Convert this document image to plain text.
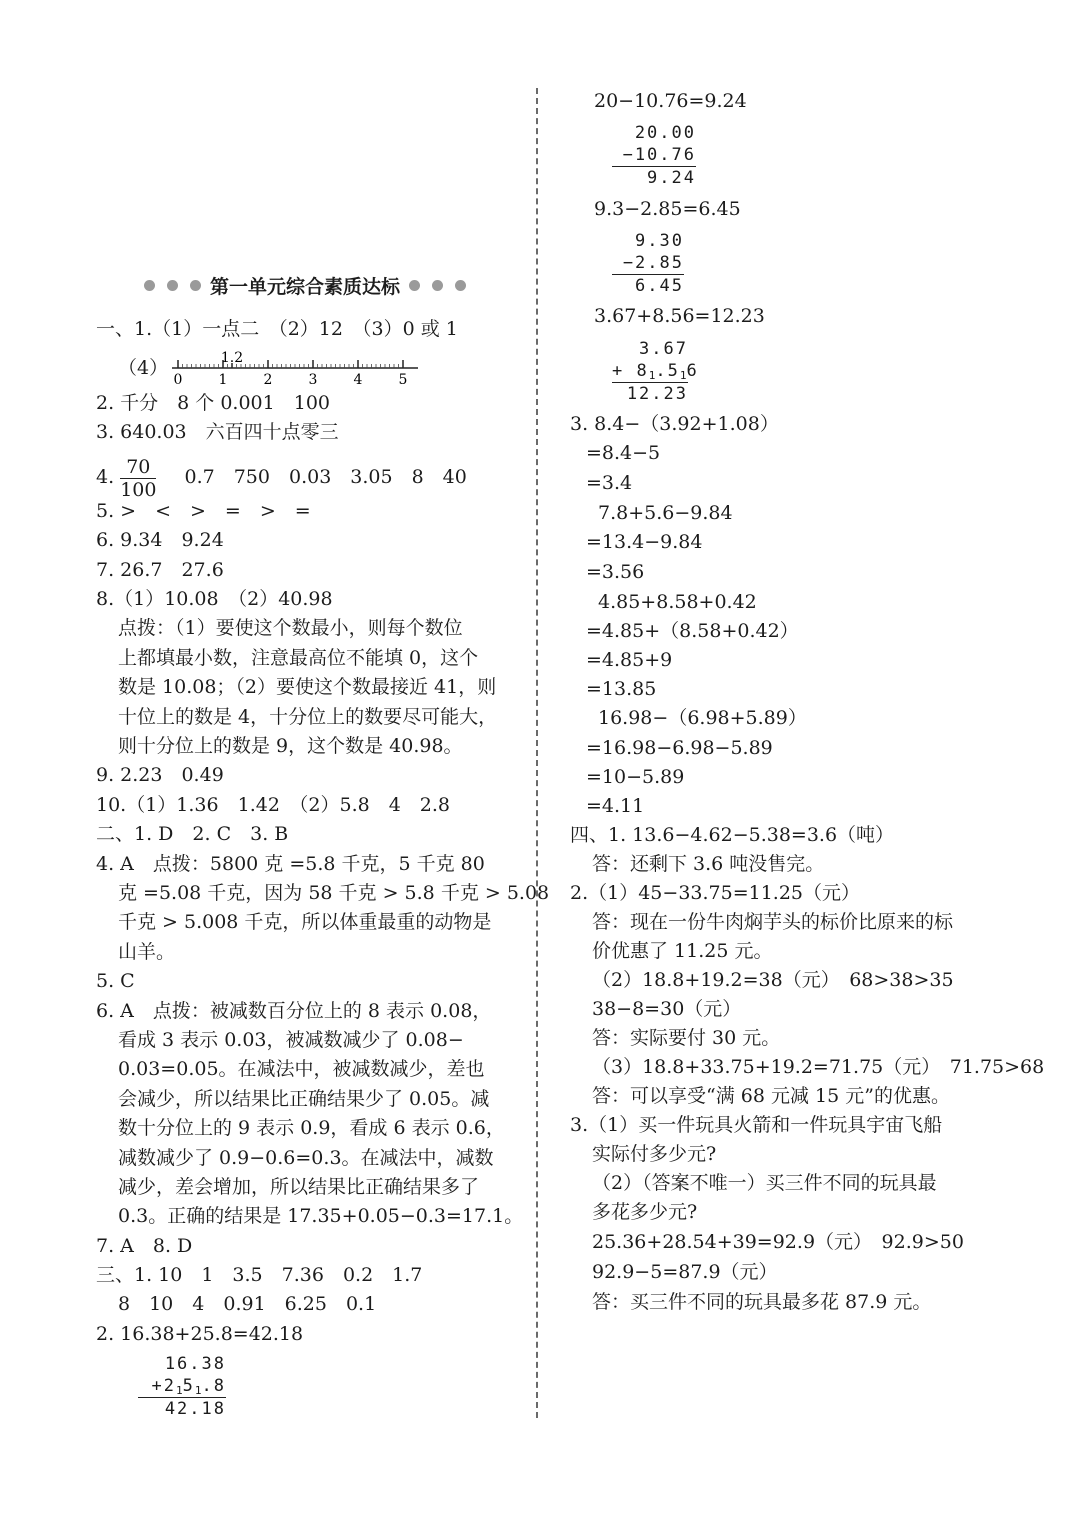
第一单元综合素质达标
一、1.（1）一点二　（2）12　（3）0 或 1
（4）
0	1	2	3	4	5
1.2
2. 千分　8 个 0.001　100
3. 640.03　六百四十点零三
4. $\frac{70}{100} 0.7$　750　0.03　3.05　8　40
5. >　<　>　=　>　=
6. 9.34　9.24
7. 26.7　27.6
8.（1）10.08　（2）40.98
点拨：（1）要使这个数最小，则每个数位
上都填最小数，注意最高位不能填 0，这个
数是 10.08；（2）要使这个数最接近 41，则
十位上的数是 4，十分位上的数要尽可能大，
则十分位上的数是 9，这个数是 40.98。
9. 2.23　0.49
10.（1）1.36　1.42　（2）5.8　4　2.8
二、1. D　2. C　3. B
4. A　点拨：5800 克 =5.8 千克，5 千克 80
克 =5.08 千克，因为 58 千克 > 5.8 千克 > 5.08
千克 > 5.008 千克，所以体重最重的动物是
山羊。
5. C
6. A　点拨：被减数百分位上的 8 表示 0.08，
看成 3 表示 0.03，被减数减少了 0.08−
0.03=0.05。在减法中，被减数减少，差也
会减少，所以结果比正确结果少了 0.05。减
数十分位上的 9 表示 0.9，看成 6 表示 0.6，
减数减少了 0.9−0.6=0.3。在减法中，减数
减少，差会增加，所以结果比正确结果多了
0.3。正确的结果是 17.35+0.05−0.3=17.1。
7. A　8. D
三、1. 10　1　3.5　7.36　0.2　1.7
8　10　4　0.91　6.25　0.1
2. 16.38+25.8=42.18
16.38
$+2_15_1.8$
42.18
20−10.76=9.24
20.00
−10.76
9.24
9.3−2.85=6.45
9.30
−2.85
6.45
3.67+8.56=12.23
3.67
+ $8_1.5_16$
12.23
3. 8.4−（3.92+1.08）
=8.4−5
=3.4
7.8+5.6−9.84
=13.4−9.84
=3.56
4.85+8.58+0.42
=4.85+（8.58+0.42）
=4.85+9
=13.85
16.98−（6.98+5.89）
=16.98−6.98−5.89
=10−5.89
=4.11
四、1. 13.6−4.62−5.38=3.6（吨）
答：还剩下 3.6 吨没售完。
2.（1）45−33.75=11.25（元）
答：现在一份牛肉焖芋头的标价比原来的标
价优惠了 11.25 元。
（2）18.8+19.2=38（元）　68>38>35
38−8=30（元）
答：实际要付 30 元。
（3）18.8+33.75+19.2=71.75（元）　71.75>68
答：可以享受“满 68 元减 15 元”的优惠。
3.（1）买一件玩具火箭和一件玩具宇宙飞船
实际付多少元?
（2）（答案不唯一）买三件不同的玩具最
多花多少元?
25.36+28.54+39=92.9（元）　92.9>50
92.9−5=87.9（元）
答：买三件不同的玩具最多花 87.9 元。
